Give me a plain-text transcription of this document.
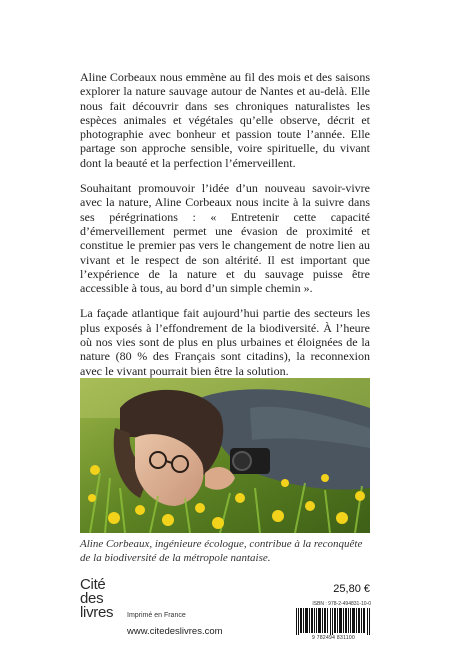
Aline Corbeaux nous emmène au fil des mois et des saisons explorer la nature sauvage autour de Nantes et au-delà. Elle nous fait découvrir dans ses chroniques naturalistes les espèces animales et végétales qu’elle observe, décrit et photographie avec bonheur et passion toute l’année. Elle partage son approche sensible, voire spirituelle, du vivant dont la beauté et la perfection l’émerveillent.

Souhaitant promouvoir l’idée d’un nouveau savoir-vivre avec la nature, Aline Corbeaux nous incite à la suivre dans ses pérégrinations : « Entretenir cette capacité d’émerveillement permet une évasion de proximité et constitue le premier pas vers le changement de notre lien au vivant et le respect de son altérité. Il est important que l’expérience de la nature et du sauvage puisse être accessible à tous, au bord d’un simple chemin ».

La façade atlantique fait aujourd’hui partie des secteurs les plus exposés à l’effondrement de la biodiversité. À l’heure où nos vies sont de plus en plus urbaines et éloignées de la nature (80 % des Français sont citadins), la reconnexion avec le vivant pourrait bien être la solution.

Aline Corbeaux, ingénieure écologue, contribue à la reconquête de la biodiversité de la métropole nantaise.
Cité
des
livres	Imprimé en France
www.citedeslivres.com
25,80 €
ISBN : 978-2-494831-10-0
9 782494 831100
